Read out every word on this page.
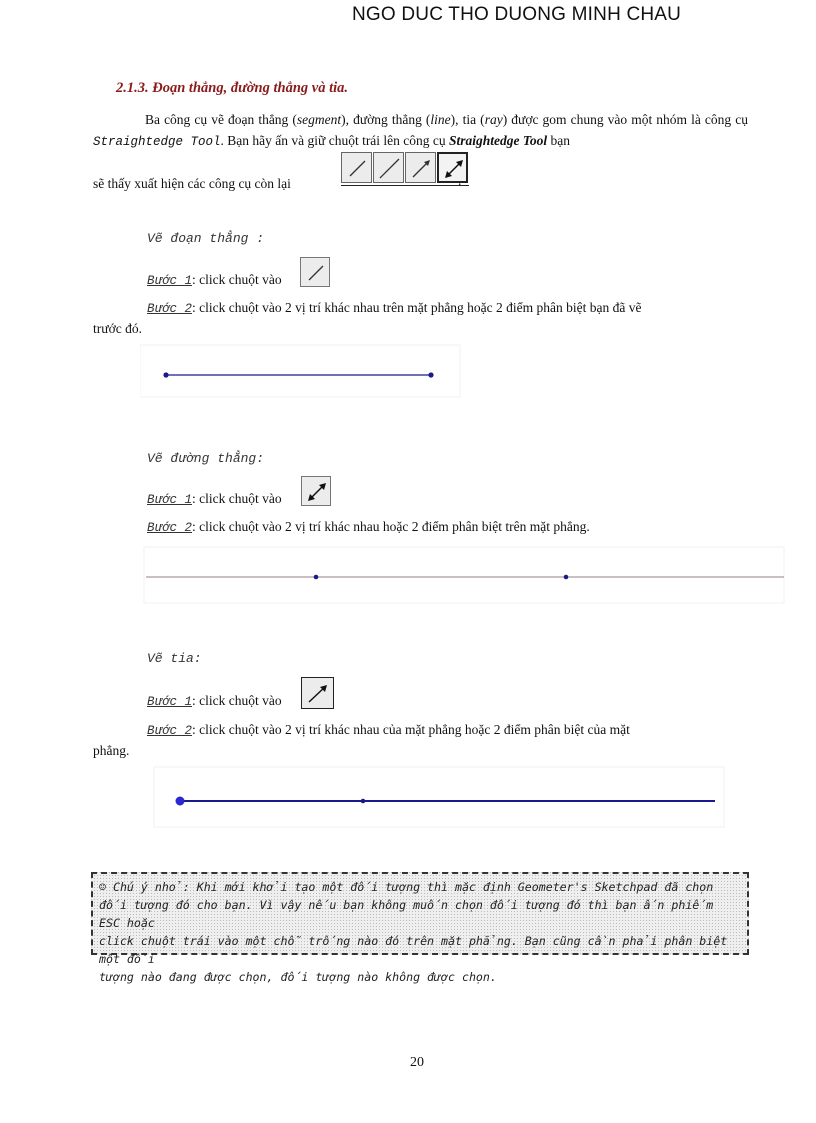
NGO DUC THO DUONG MINH CHAU
2.1.3. Đoạn thẳng, đường thẳng và tia.
Ba công cụ vẽ đoạn thẳng (segment), đường thẳng (line), tia (ray) được gom chung vào một nhóm là công cụ Straightedge Tool. Bạn hãy ấn và giữ chuột trái lên công cụ Straightedge Tool bạn
sẽ thấy xuất hiện các công cụ còn lại	.
Vẽ đoạn thẳng :
Bước 1: click chuột vào
Bước 2: click chuột vào 2 vị trí khác nhau trên mặt phẳng hoặc 2 điểm phân biệt bạn đã vẽ
trước đó.
Vẽ đường thẳng:
Bước 1: click chuột vào
Bước 2: click chuột vào 2 vị trí khác nhau hoặc 2 điểm phân biệt trên mặt phẳng.
Vẽ tia:
Bước 1: click chuột vào
Bước 2: click chuột vào 2 vị trí khác nhau của mặt phẳng hoặc 2 điểm phân biệt của mặt
phẳng.
☺ Chú ý nhỏ: Khi mới khởi tạo một đối tượng thì mặc định Geometer's Sketchpad đã chọn
đối tượng đó cho bạn. Vì vậy nếu bạn không muốn chọn đối tượng đó thì bạn ấn phiếm ESC hoặc
click chuột trái vào một chỗ trống nào đó trên mặt phẳng. Bạn cũng cần phải phân biệt một đối
tượng nào đang được chọn, đối tượng nào không được chọn.
20
